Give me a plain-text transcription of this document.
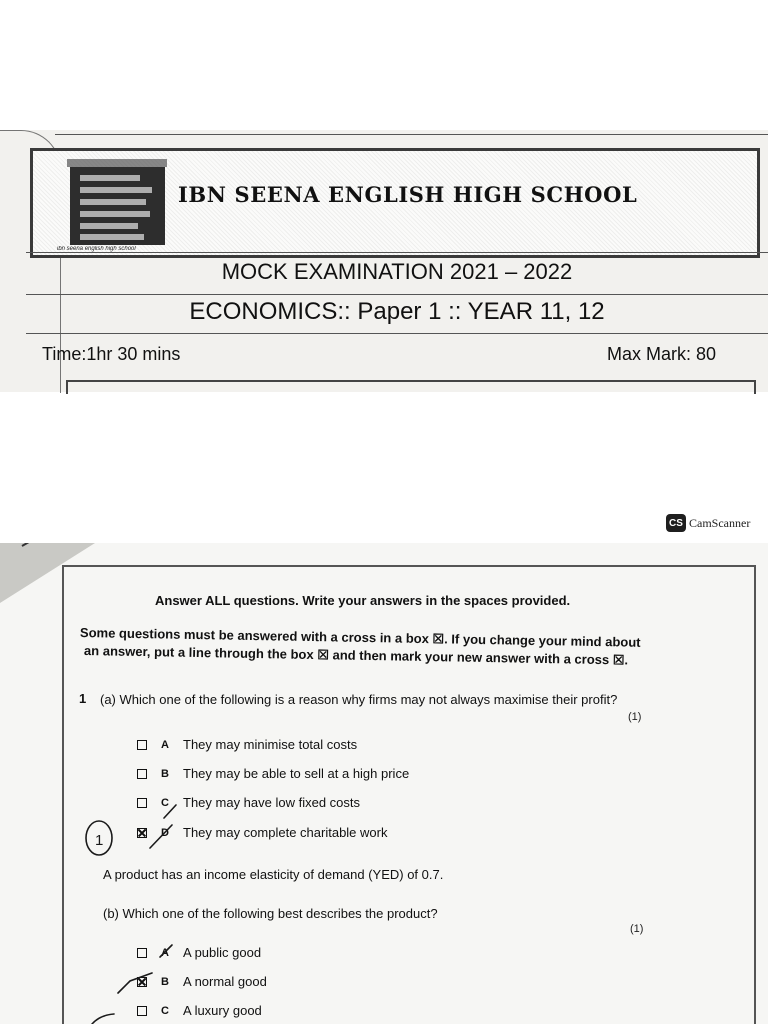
ibn seena english high school
IBN SEENA ENGLISH HIGH SCHOOL
MOCK EXAMINATION 2021 – 2022
ECONOMICS:: Paper 1 :: YEAR 11, 12
Time:1hr 30 mins	Max Mark: 80
CS CamScanner
Answer ALL questions. Write your answers in the spaces provided.
Some questions must be answered with a cross in a box ☒. If you change your mind about
an answer, put a line through the box ☒ and then mark your new answer with a cross ☒.
1 (a) Which one of the following is a reason why firms may not always maximise their profit?
(1)
A	They may minimise total costs
B	They may be able to sell at a high price
C	They may have low fixed costs
D	They may complete charitable work
A product has an income elasticity of demand (YED) of 0.7.
(b) Which one of the following best describes the product?
(1)
A	A public good
B	A normal good
C	A luxury good
1
